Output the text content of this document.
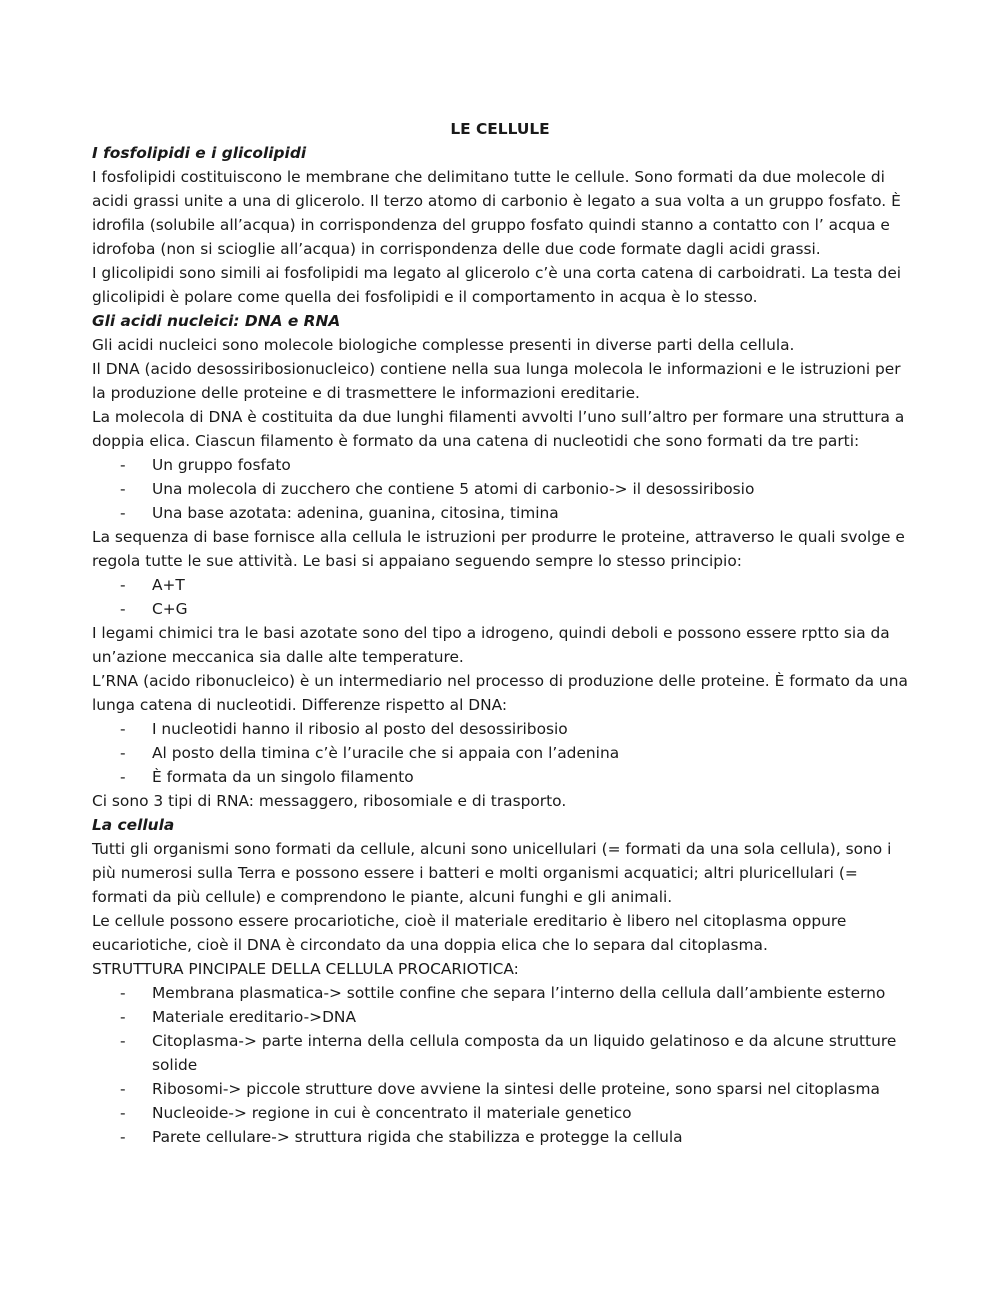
LE CELLULE

I fosfolipidi e i glicolipidi

I fosfolipidi costituiscono le membrane che delimitano tutte le cellule. Sono formati da due molecole di acidi grassi unite a una di glicerolo. Il terzo atomo di carbonio è legato a sua volta a un gruppo fosfato. È idrofila (solubile all’acqua) in corrispondenza del gruppo fosfato quindi stanno a contatto con l’ acqua e idrofoba (non si scioglie all’acqua) in corrispondenza delle due code formate dagli acidi grassi.

I glicolipidi sono simili ai fosfolipidi ma legato al glicerolo c’è una corta catena di carboidrati. La testa dei glicolipidi è polare come quella dei fosfolipidi e il comportamento in acqua è lo stesso.

Gli acidi nucleici: DNA e RNA

Gli acidi nucleici sono molecole biologiche complesse presenti in diverse parti della cellula.

Il DNA (acido desossiribosionucleico) contiene nella sua lunga molecola le informazioni e le istruzioni per la produzione delle proteine e di trasmettere le informazioni ereditarie.

La molecola di DNA è costituita da due lunghi filamenti avvolti l’uno sull’altro per formare una struttura a doppia elica. Ciascun filamento è formato da una catena di nucleotidi che sono formati da tre parti:

- Un gruppo fosfato
- Una molecola di zucchero che contiene 5 atomi di carbonio-> il desossiribosio
- Una base azotata: adenina, guanina, citosina, timina

La sequenza di base fornisce alla cellula le istruzioni per produrre le proteine, attraverso le quali svolge e regola tutte le sue attività. Le basi si appaiano seguendo sempre lo stesso principio:

- A+T
- C+G

I legami chimici tra le basi azotate sono del tipo a idrogeno, quindi deboli e possono essere rptto sia da un’azione meccanica sia dalle alte temperature.

L’RNA (acido ribonucleico) è un intermediario nel processo di produzione delle proteine. È formato da una lunga catena di nucleotidi. Differenze rispetto al DNA:

- I nucleotidi hanno il ribosio al posto del desossiribosio
- Al posto della timina c’è l’uracile che si appaia con l’adenina
- È formata da un singolo filamento

Ci sono 3 tipi di RNA: messaggero, ribosomiale e di trasporto.

La cellula

Tutti gli organismi sono formati da cellule, alcuni sono unicellulari (= formati da una sola cellula), sono i più numerosi sulla Terra e possono essere i batteri e molti organismi acquatici; altri pluricellulari (= formati da più cellule) e comprendono le piante, alcuni funghi e gli animali.

Le cellule possono essere procariotiche, cioè il materiale ereditario è libero nel citoplasma oppure eucariotiche, cioè il DNA è circondato da una doppia elica che lo separa dal citoplasma.

STRUTTURA PINCIPALE DELLA CELLULA PROCARIOTICA:

- Membrana plasmatica-> sottile confine che separa l’interno della cellula dall’ambiente esterno
- Materiale ereditario->DNA
- Citoplasma-> parte interna della cellula composta da un liquido gelatinoso e da alcune strutture solide
- Ribosomi-> piccole strutture dove avviene la sintesi delle proteine, sono sparsi nel citoplasma
- Nucleoide-> regione in cui è concentrato il materiale genetico
- Parete cellulare-> struttura rigida che stabilizza e protegge la cellula
